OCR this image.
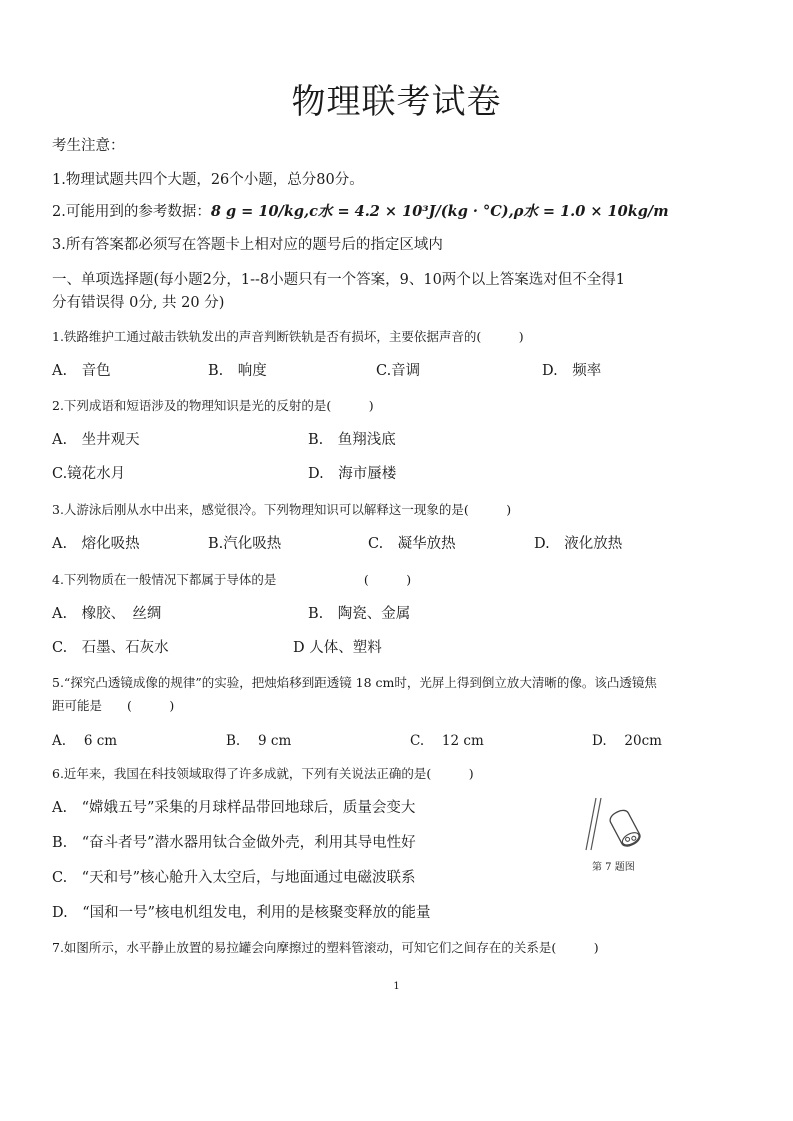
物理联考试卷
考生注意：
1.物理试题共四个大题，26个小题，总分80分。
2.可能用到的参考数据：8 g = 10/kg,c水 = 4.2 × 10³J/(kg · °C),ρ水 = 1.0 × 10kg/m
3.所有答案都必须写在答题卡上相对应的题号后的指定区域内
一、单项选择题(每小题2分，1--8小题只有一个答案，9、10两个以上答案选对但不全得1
分有错误得 0分, 共 20 分)
1.铁路维护工通过敲击铁轨发出的声音判断铁轨是否有损坏，主要依据声音的(　　　)
A.　音色	B.　响度	C.音调	D.　频率
2.下列成语和短语涉及的物理知识是光的反射的是(　　　)
A.　坐井观天	B.　鱼翔浅底
C.镜花水月	D.　海市蜃楼
3.人游泳后刚从水中出来，感觉很冷。下列物理知识可以解释这一现象的是(　　　)
A.　熔化吸热	B.汽化吸热	C.　凝华放热	D.　液化放热
4.下列物质在一般情况下都属于导体的是　　　　　　　(　　　)
A.　橡胶、　丝绸	B.　陶瓷、金属
C.　石墨、石灰水	D 人体、塑料
5.“探究凸透镜成像的规律”的实验，把烛焰移到距透镜 18 cm时，光屏上得到倒立放大清晰的像。该凸透镜焦
距可能是　　(　　　)
A.　 6 cm	B.　 9 cm	C.　 12 cm	D.　 20cm
6.近年来，我国在科技领域取得了许多成就，下列有关说法正确的是(　　　)
A.　“嫦娥五号”采集的月球样品带回地球后，质量会变大
B.　“奋斗者号”潜水器用钛合金做外壳，利用其导电性好
C.　“天和号”核心舱升入太空后，与地面通过电磁波联系
D.　“国和一号”核电机组发电，利用的是核聚变释放的能量
第 7 题图
7.如图所示，水平静止放置的易拉罐会向摩擦过的塑料管滚动，可知它们之间存在的关系是(　　　)
1
